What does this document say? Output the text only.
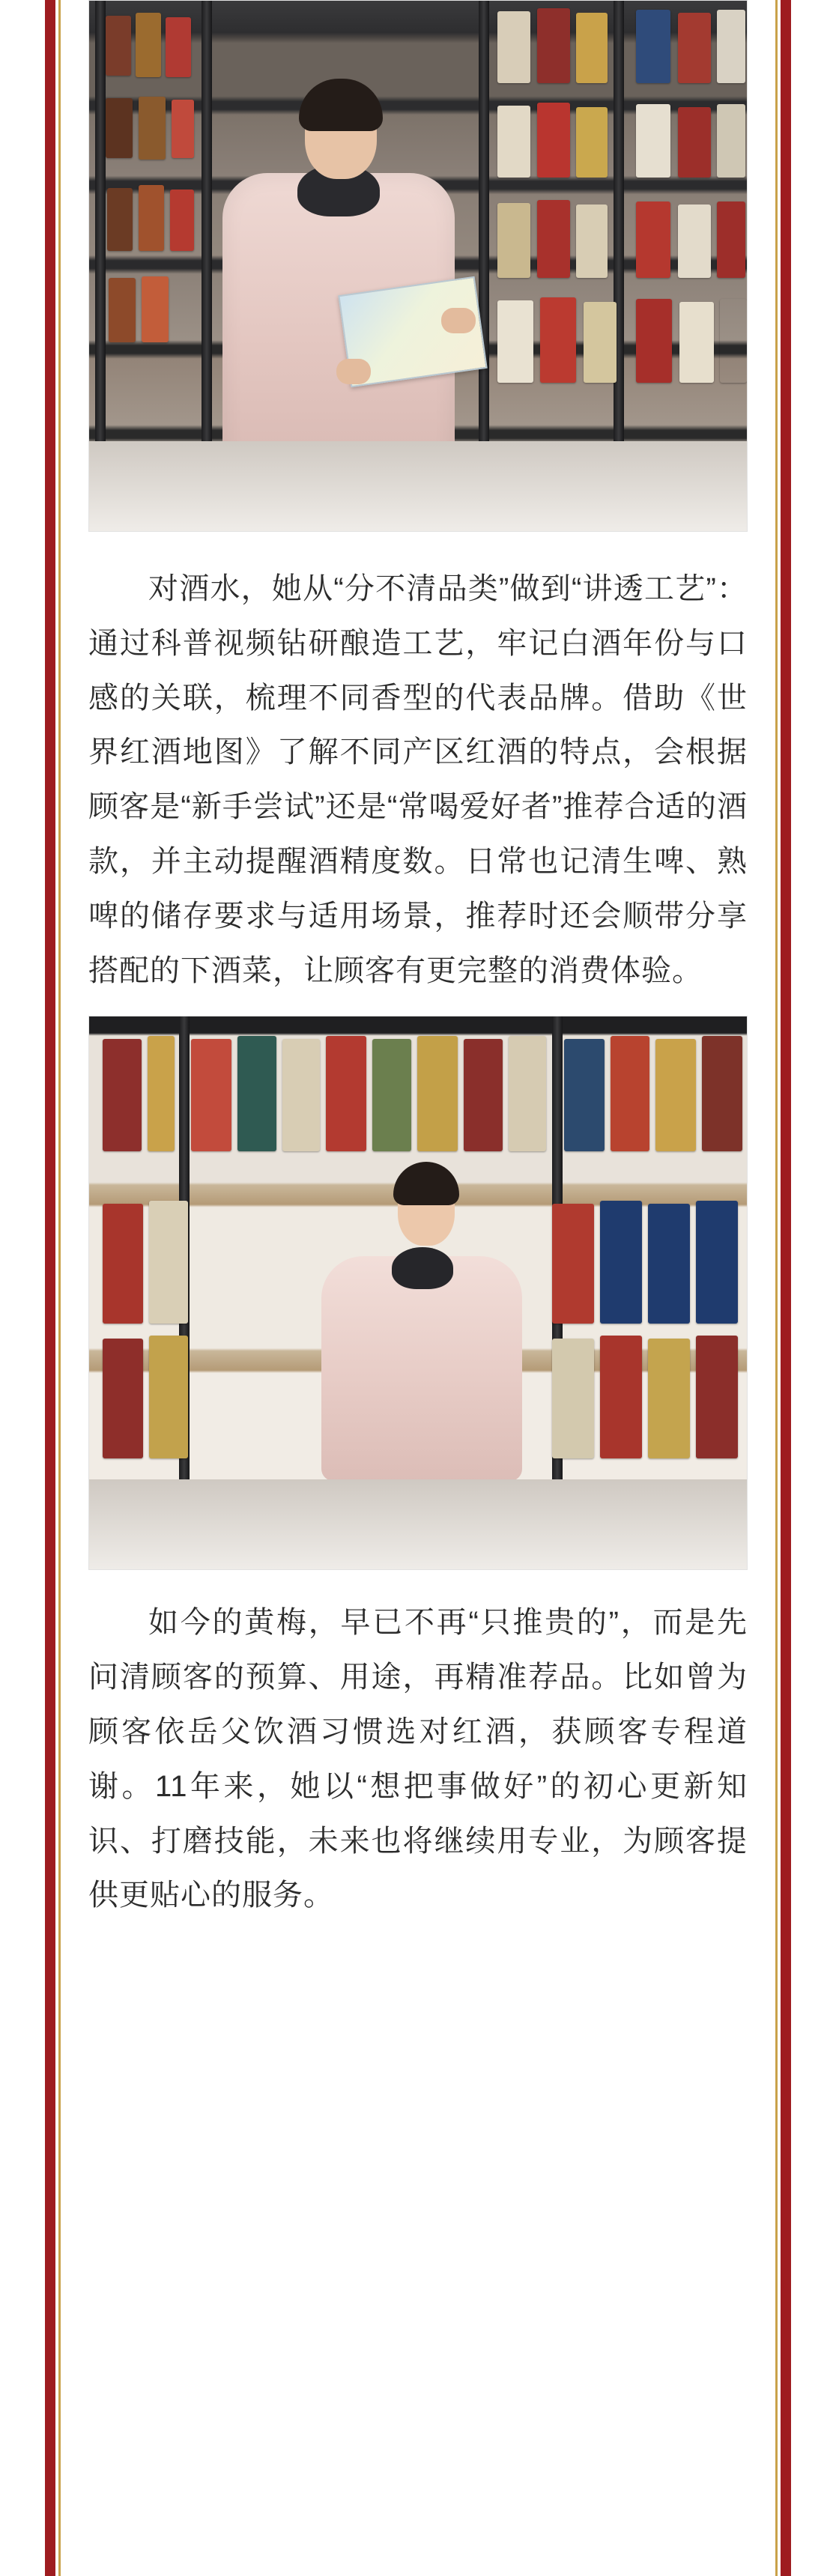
对酒水，她从“分不清品类”做到“讲透工艺”：通过科普视频钻研酿造工艺，牢记白酒年份与口感的关联，梳理不同香型的代表品牌。借助《世界红酒地图》了解不同产区红酒的特点，会根据顾客是“新手尝试”还是“常喝爱好者”推荐合适的酒款，并主动提醒酒精度数。日常也记清生啤、熟啤的储存要求与适用场景，推荐时还会顺带分享搭配的下酒菜，让顾客有更完整的消费体验。

如今的黄梅，早已不再“只推贵的”，而是先问清顾客的预算、用途，再精准荐品。比如曾为顾客依岳父饮酒习惯选对红酒，获顾客专程道谢。11年来，她以“想把事做好”的初心更新知识、打磨技能，未来也将继续用专业，为顾客提供更贴心的服务。
